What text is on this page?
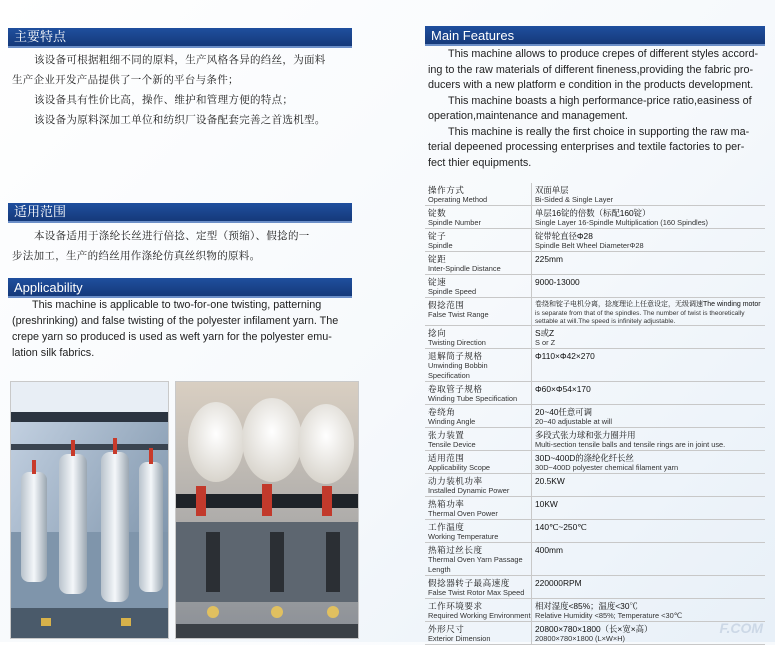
主要特点
该设备可根据粗细不同的原料，生产风格各异的绉丝，为面料
生产企业开发产品提供了一个新的平台与条件；
该设备具有性价比高，操作、维护和管理方便的特点；
该设备为原料深加工单位和纺织厂设备配套完善之首选机型。
适用范围
本设备适用于涤纶长丝进行倍捻、定型（预缩）、假捻的一
步法加工，生产的绉丝用作涤纶仿真丝织物的原料。
Applicability
This machine is applicable to two-for-one twisting, patterning
(preshrinking) and false twisting of the polyester infilament yarn. The
crepe yarn so produced is used as weft yarn for the polyester emu-
lation silk fabrics.
Main Features
This machine allows to produce crepes of different styles accord-
ing to the raw materials of different fineness,providing the fabric pro-
ducers with a new platform e condition in the products development.
This machine boasts a high performance-price ratio,easiness of
operation,maintenance and management.
This machine is really the first choice in supporting the raw ma-
terial depeened processing enterprises and textile factories to per-
fect thier equipments.
操作方式
Operating Method	双面单层
Bi-Sided & Single Layer

锭数
Spindle Number	单层16锭的倍数（标配160锭）
Single Layer 16-Spindle Multiplication (160 Spindles)

锭子
Spindle	锭带轮直径Φ28
Spindle Belt Wheel DiameterΦ28

锭距
Inter-Spindle Distance	225mm

锭速
Spindle Speed	9000-13000

假捻范围
False Twist Range	卷绕和锭子电机分离，捻度理论上任意设定，无级调速The winding motor
is separate from that of the spindles. The number of twist is theoretically settable at will.The speed is infinitely adjustable.

捻向
Twisting Direction	S或Z
S or Z

退解筒子规格
Unwinding Bobbin Specification	Φ110×Φ42×270

卷取管子规格
Winding Tube Specification	Φ60×Φ54×170

卷绕角
Winding Angle	20~40任意可调
20~40 adjustable at will

张力装置
Tensile Device	多段式张力球和张力圈并用
Multi-section tensile balls and tensile rings are in joint use.

适用范围
Applicability Scope	30D~400D的涤纶化纤长丝
30D~400D polyester chemical filament yarn

动力装机功率
Installed Dynamic Power	20.5KW

热箱功率
Thermal Oven Power	10KW

工作温度
Working Temperature	140℃~250℃

热箱过丝长度
Thermal Oven Yarn Passage Length	400mm

假捻器转子最高速度
False Twist Rotor Max Speed	220000RPM

工作环境要求
Required Working Environment	相对湿度<85%；温度<30℃
Relative Humidity <85%; Temperature <30℃

外形尺寸
Exterior Dimension	20800×780×1800（长×宽×高）
20800×780×1800 (L×W×H)
F.COM
